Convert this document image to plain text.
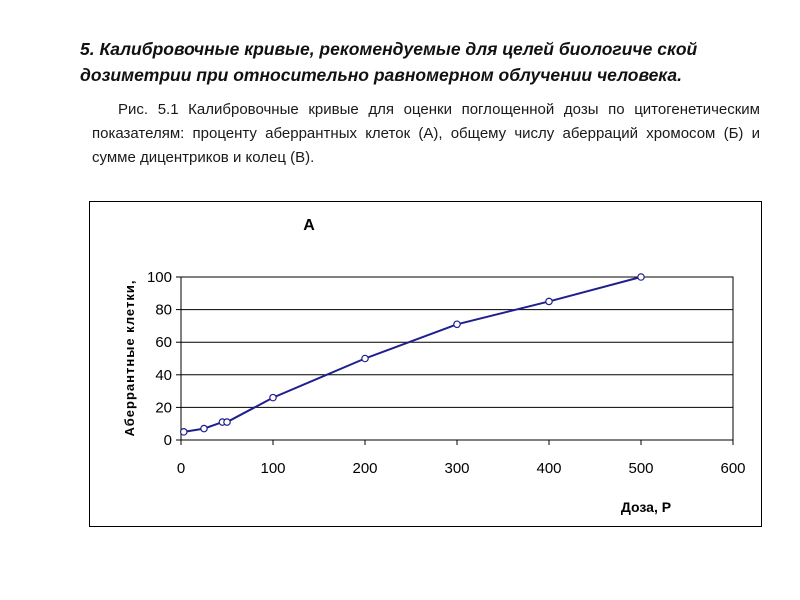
5. Калибровочные кривые, рекомендуемые для целей биологиче ской дозиметрии при относительно равномерном облучении человека.

Рис. 5.1 Калибровочные кривые для оценки поглощенной дозы по цитогенетическим показателям: проценту аберрантных клеток (А), общему числу аберраций хромосом (Б) и сумме дицентриков и колец (В).

0
20
40
60
80
100
0	100	200	300	400	500	600
А
Доза, Р
Аберрантные клетки,
